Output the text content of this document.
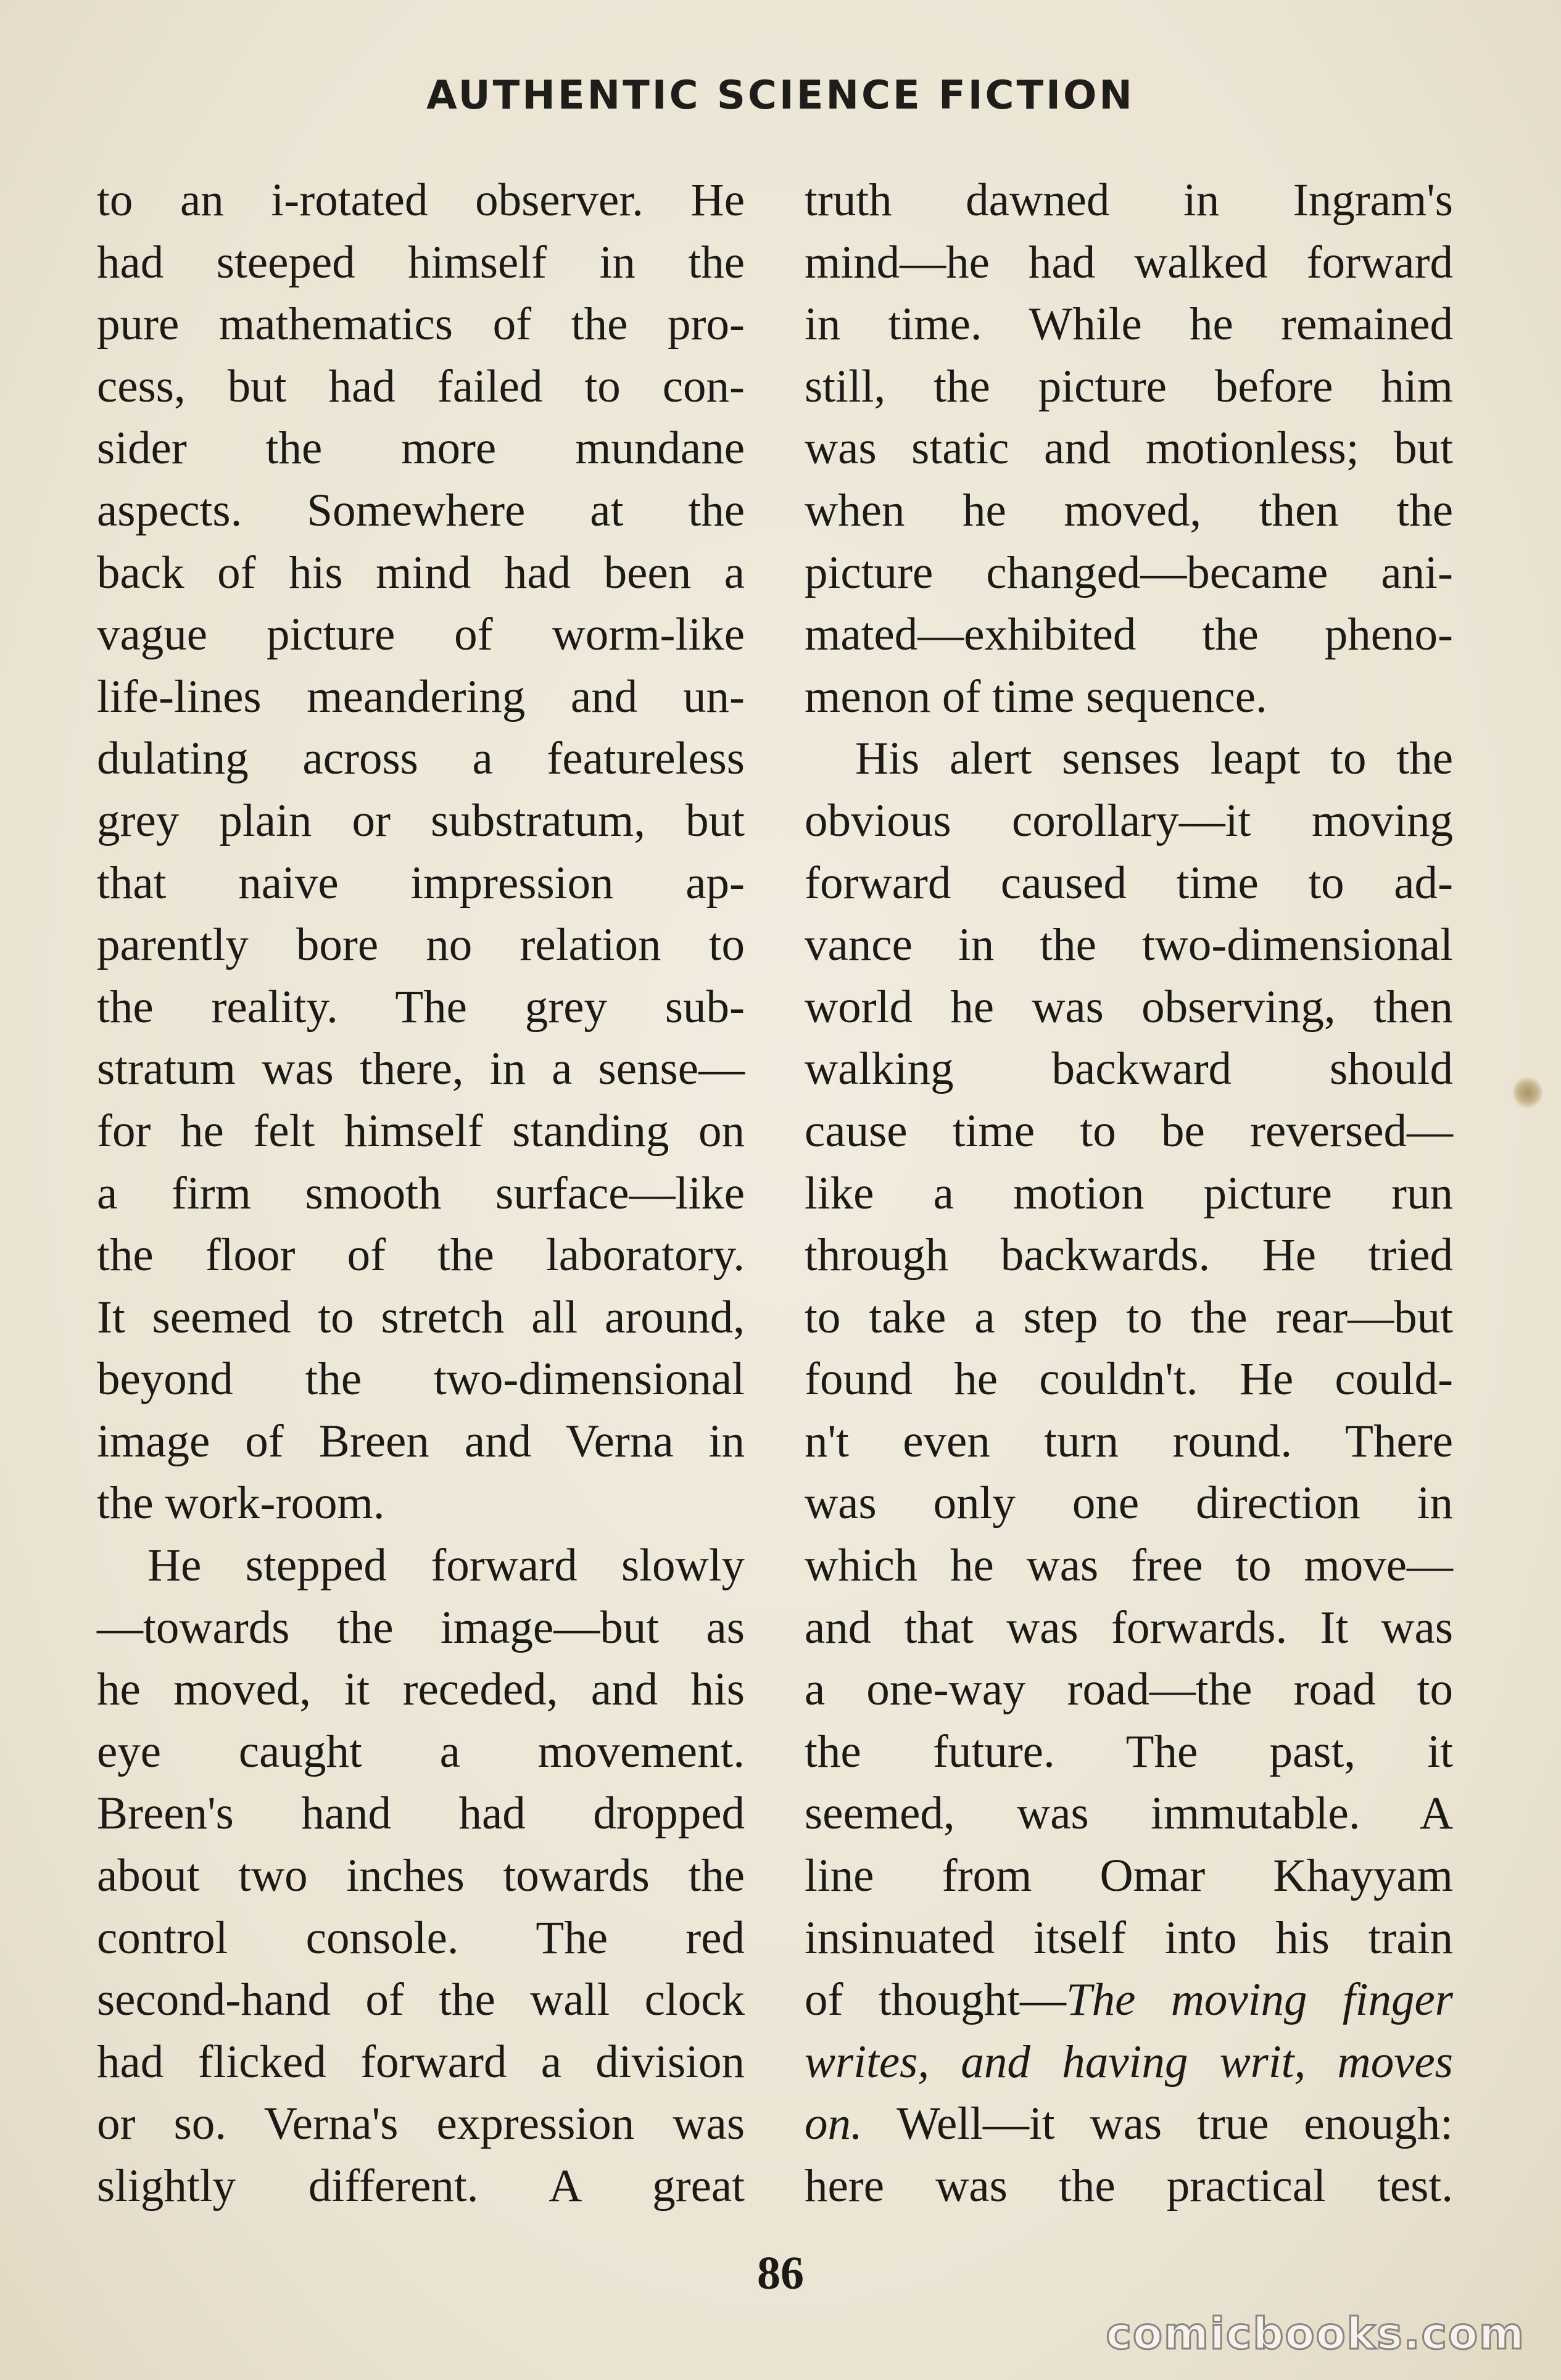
AUTHENTIC SCIENCE FICTION
to an i-rotated observer. He
had steeped himself in the
pure mathematics of the pro-
cess, but had failed to con-
sider the more mundane
aspects. Somewhere at the
back of his mind had been a
vague picture of worm-like
life-lines meandering and un-
dulating across a featureless
grey plain or substratum, but
that naive impression ap-
parently bore no relation to
the reality. The grey sub-
stratum was there, in a sense—
for he felt himself standing on
a firm smooth surface—like
the floor of the laboratory.
It seemed to stretch all around,
beyond the two-dimensional
image of Breen and Verna in
the work-room.
He stepped forward slowly
—towards the image—but as
he moved, it receded, and his
eye caught a movement.
Breen's hand had dropped
about two inches towards the
control console. The red
second-hand of the wall clock
had flicked forward a division
or so. Verna's expression was
slightly different. A great
truth dawned in Ingram's
mind—he had walked forward
in time. While he remained
still, the picture before him
was static and motionless; but
when he moved, then the
picture changed—became ani-
mated—exhibited the pheno-
menon of time sequence.
His alert senses leapt to the
obvious corollary—it moving
forward caused time to ad-
vance in the two-dimensional
world he was observing, then
walking backward should
cause time to be reversed—
like a motion picture run
through backwards. He tried
to take a step to the rear—but
found he couldn't. He could-
n't even turn round. There
was only one direction in
which he was free to move—
and that was forwards. It was
a one-way road—the road to
the future. The past, it
seemed, was immutable. A
line from Omar Khayyam
insinuated itself into his train
of thought—The moving finger
writes, and having writ, moves
on. Well—it was true enough:
here was the practical test.
86
comicbooks.com
